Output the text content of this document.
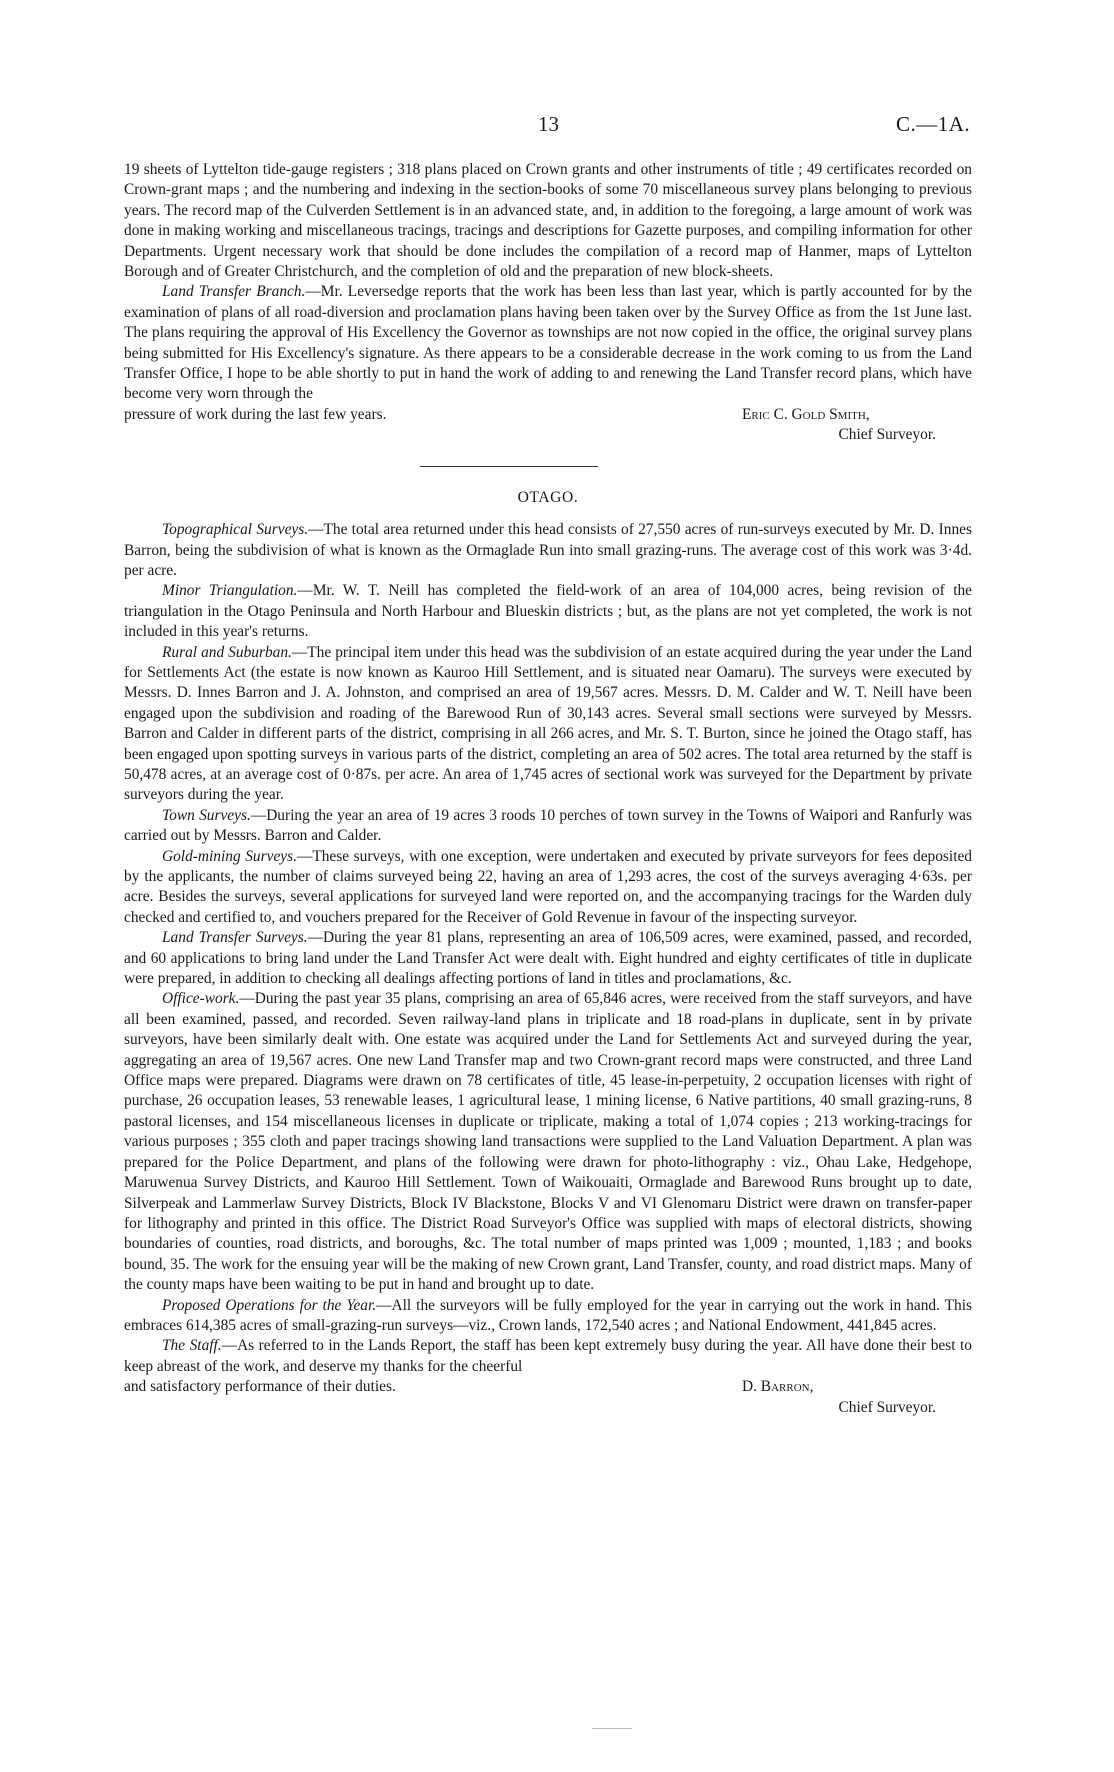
13	C.—1A.

19 sheets of Lyttelton tide-gauge registers ; 318 plans placed on Crown grants and other instruments of title ; 49 certificates recorded on Crown-grant maps ; and the numbering and indexing in the section-books of some 70 miscellaneous survey plans belonging to previous years. The record map of the Culverden Settlement is in an advanced state, and, in addition to the foregoing, a large amount of work was done in making working and miscellaneous tracings, tracings and descriptions for Gazette purposes, and compiling information for other Departments. Urgent necessary work that should be done includes the compilation of a record map of Hanmer, maps of Lyttelton Borough and of Greater Christchurch, and the completion of old and the preparation of new block-sheets.

Land Transfer Branch.—Mr. Leversedge reports that the work has been less than last year, which is partly accounted for by the examination of plans of all road-diversion and proclamation plans having been taken over by the Survey Office as from the 1st June last. The plans requiring the approval of His Excellency the Governor as townships are not now copied in the office, the original survey plans being submitted for His Excellency's signature. As there appears to be a considerable decrease in the work coming to us from the Land Transfer Office, I hope to be able shortly to put in hand the work of adding to and renewing the Land Transfer record plans, which have become very worn through the

pressure of work during the last few years.	Eric C. Gold Smith,

Chief Surveyor.

OTAGO.

Topographical Surveys.—The total area returned under this head consists of 27,550 acres of run-surveys executed by Mr. D. Innes Barron, being the subdivision of what is known as the Ormaglade Run into small grazing-runs. The average cost of this work was 3·4d. per acre.

Minor Triangulation.—Mr. W. T. Neill has completed the field-work of an area of 104,000 acres, being revision of the triangulation in the Otago Peninsula and North Harbour and Blueskin districts ; but, as the plans are not yet completed, the work is not included in this year's returns.

Rural and Suburban.—The principal item under this head was the subdivision of an estate acquired during the year under the Land for Settlements Act (the estate is now known as Kauroo Hill Settlement, and is situated near Oamaru). The surveys were executed by Messrs. D. Innes Barron and J. A. Johnston, and comprised an area of 19,567 acres. Messrs. D. M. Calder and W. T. Neill have been engaged upon the subdivision and roading of the Barewood Run of 30,143 acres. Several small sections were surveyed by Messrs. Barron and Calder in different parts of the district, comprising in all 266 acres, and Mr. S. T. Burton, since he joined the Otago staff, has been engaged upon spotting surveys in various parts of the district, completing an area of 502 acres. The total area returned by the staff is 50,478 acres, at an average cost of 0·87s. per acre. An area of 1,745 acres of sectional work was surveyed for the Department by private surveyors during the year.

Town Surveys.—During the year an area of 19 acres 3 roods 10 perches of town survey in the Towns of Waipori and Ranfurly was carried out by Messrs. Barron and Calder.

Gold-mining Surveys.—These surveys, with one exception, were undertaken and executed by private surveyors for fees deposited by the applicants, the number of claims surveyed being 22, having an area of 1,293 acres, the cost of the surveys averaging 4·63s. per acre. Besides the surveys, several applications for surveyed land were reported on, and the accompanying tracings for the Warden duly checked and certified to, and vouchers prepared for the Receiver of Gold Revenue in favour of the inspecting surveyor.

Land Transfer Surveys.—During the year 81 plans, representing an area of 106,509 acres, were examined, passed, and recorded, and 60 applications to bring land under the Land Transfer Act were dealt with. Eight hundred and eighty certificates of title in duplicate were prepared, in addition to checking all dealings affecting portions of land in titles and proclamations, &c.

Office-work.—During the past year 35 plans, comprising an area of 65,846 acres, were received from the staff surveyors, and have all been examined, passed, and recorded. Seven railway-land plans in triplicate and 18 road-plans in duplicate, sent in by private surveyors, have been similarly dealt with. One estate was acquired under the Land for Settlements Act and surveyed during the year, aggregating an area of 19,567 acres. One new Land Transfer map and two Crown-grant record maps were constructed, and three Land Office maps were prepared. Diagrams were drawn on 78 certificates of title, 45 lease-in-perpetuity, 2 occupation licenses with right of purchase, 26 occupation leases, 53 renewable leases, 1 agricultural lease, 1 mining license, 6 Native partitions, 40 small grazing-runs, 8 pastoral licenses, and 154 miscellaneous licenses in duplicate or triplicate, making a total of 1,074 copies ; 213 working-tracings for various purposes ; 355 cloth and paper tracings showing land transactions were supplied to the Land Valuation Department. A plan was prepared for the Police Department, and plans of the following were drawn for photo-lithography : viz., Ohau Lake, Hedgehope, Maruwenua Survey Districts, and Kauroo Hill Settlement. Town of Waikouaiti, Ormaglade and Barewood Runs brought up to date, Silverpeak and Lammerlaw Survey Districts, Block IV Blackstone, Blocks V and VI Glenomaru District were drawn on transfer-paper for lithography and printed in this office. The District Road Surveyor's Office was supplied with maps of electoral districts, showing boundaries of counties, road districts, and boroughs, &c. The total number of maps printed was 1,009 ; mounted, 1,183 ; and books bound, 35. The work for the ensuing year will be the making of new Crown grant, Land Transfer, county, and road district maps. Many of the county maps have been waiting to be put in hand and brought up to date.

Proposed Operations for the Year.—All the surveyors will be fully employed for the year in carrying out the work in hand. This embraces 614,385 acres of small-grazing-run surveys—viz., Crown lands, 172,540 acres ; and National Endowment, 441,845 acres.

The Staff.—As referred to in the Lands Report, the staff has been kept extremely busy during the year. All have done their best to keep abreast of the work, and deserve my thanks for the cheerful

and satisfactory performance of their duties.	D. Barron,

Chief Surveyor.
